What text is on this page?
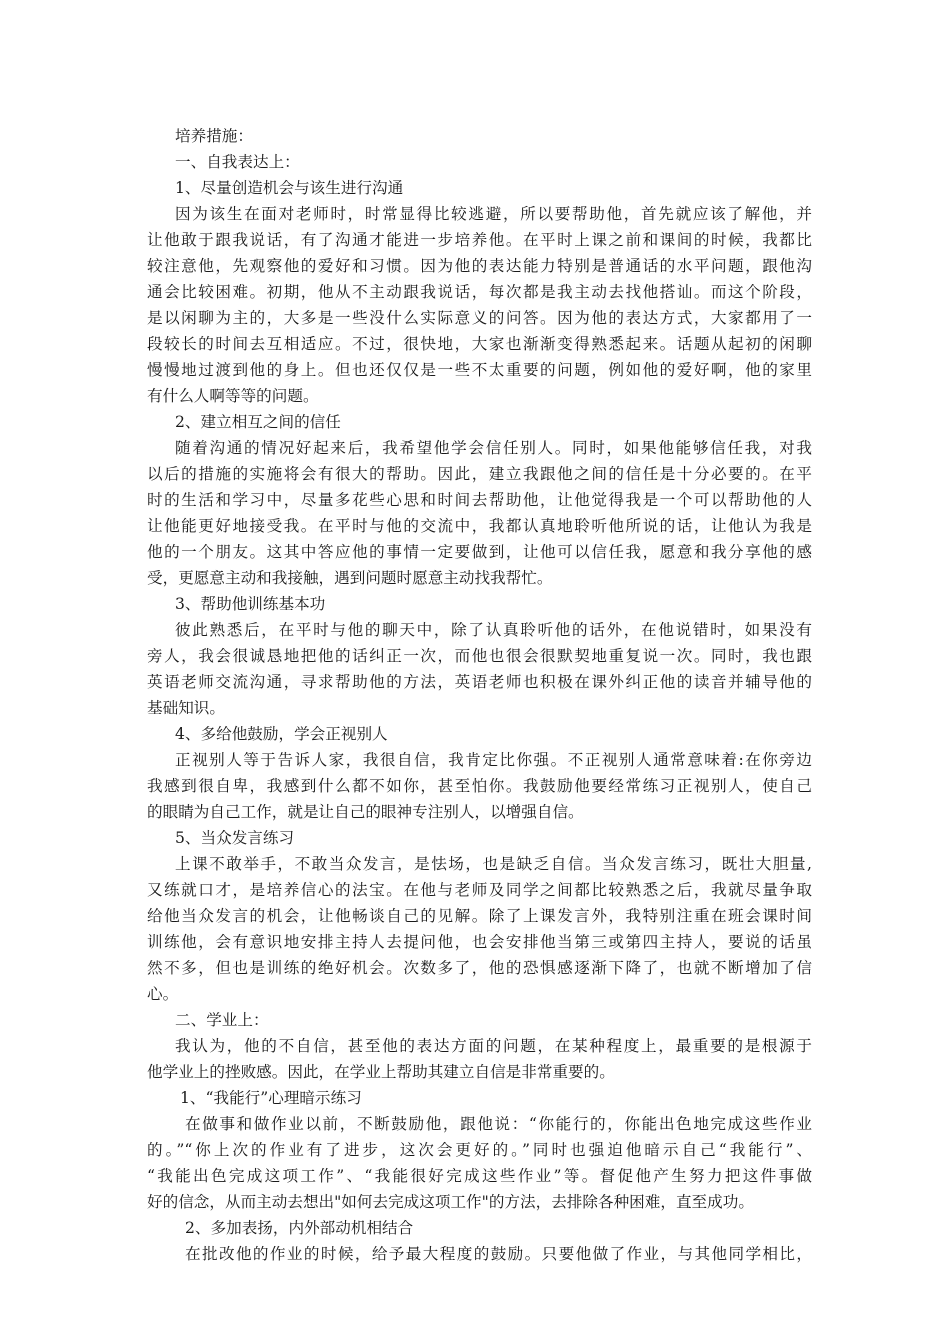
培养措施：
一、自我表达上：
1、尽量创造机会与该生进行沟通
因为该生在面对老师时，时常显得比较逃避，所以要帮助他，首先就应该了解他，并
让他敢于跟我说话，有了沟通才能进一步培养他。在平时上课之前和课间的时候，我都比
较注意他，先观察他的爱好和习惯。因为他的表达能力特别是普通话的水平问题，跟他沟
通会比较困难。初期，他从不主动跟我说话，每次都是我主动去找他搭讪。而这个阶段，
是以闲聊为主的，大多是一些没什么实际意义的问答。因为他的表达方式，大家都用了一
段较长的时间去互相适应。不过，很快地，大家也渐渐变得熟悉起来。话题从起初的闲聊
慢慢地过渡到他的身上。但也还仅仅是一些不太重要的问题，例如他的爱好啊，他的家里
有什么人啊等等的问题。
2、建立相互之间的信任
随着沟通的情况好起来后，我希望他学会信任别人。同时，如果他能够信任我，对我
以后的措施的实施将会有很大的帮助。因此，建立我跟他之间的信任是十分必要的。在平
时的生活和学习中，尽量多花些心思和时间去帮助他，让他觉得我是一个可以帮助他的人
让他能更好地接受我。在平时与他的交流中，我都认真地聆听他所说的话，让他认为我是
他的一个朋友。这其中答应他的事情一定要做到，让他可以信任我，愿意和我分享他的感
受，更愿意主动和我接触，遇到问题时愿意主动找我帮忙。
3、帮助他训练基本功
彼此熟悉后，在平时与他的聊天中，除了认真聆听他的话外，在他说错时，如果没有
旁人，我会很诚恳地把他的话纠正一次，而他也很会很默契地重复说一次。同时，我也跟
英语老师交流沟通，寻求帮助他的方法，英语老师也积极在课外纠正他的读音并辅导他的
基础知识。
4、多给他鼓励，学会正视别人
正视别人等于告诉人家，我很自信，我肯定比你强。不正视别人通常意味着:在你旁边
我感到很自卑，我感到什么都不如你，甚至怕你。我鼓励他要经常练习正视别人，使自己
的眼睛为自己工作，就是让自己的眼神专注别人，以增强自信。
5、当众发言练习
上课不敢举手，不敢当众发言，是怯场，也是缺乏自信。当众发言练习，既壮大胆量,
又练就口才，是培养信心的法宝。在他与老师及同学之间都比较熟悉之后，我就尽量争取
给他当众发言的机会，让他畅谈自己的见解。除了上课发言外，我特别注重在班会课时间
训练他，会有意识地安排主持人去提问他，也会安排他当第三或第四主持人，要说的话虽
然不多，但也是训练的绝好机会。次数多了，他的恐惧感逐渐下降了，也就不断增加了信
心。
二、学业上：
我认为，他的不自信，甚至他的表达方面的问题，在某种程度上，最重要的是根源于
他学业上的挫败感。因此，在学业上帮助其建立自信是非常重要的。
1、“我能行”心理暗示练习
在做事和做作业以前，不断鼓励他，跟他说：“你能行的，你能出色地完成这些作业
的。”“你上次的作业有了进步，这次会更好的。”同时也强迫他暗示自己“我能行”、
“我能出色完成这项工作”、“我能很好完成这些作业”等。督促他产生努力把这件事做
好的信念，从而主动去想出"如何去完成这项工作"的方法，去排除各种困难，直至成功。
2、多加表扬，内外部动机相结合
在批改他的作业的时候，给予最大程度的鼓励。只要他做了作业，与其他同学相比，
